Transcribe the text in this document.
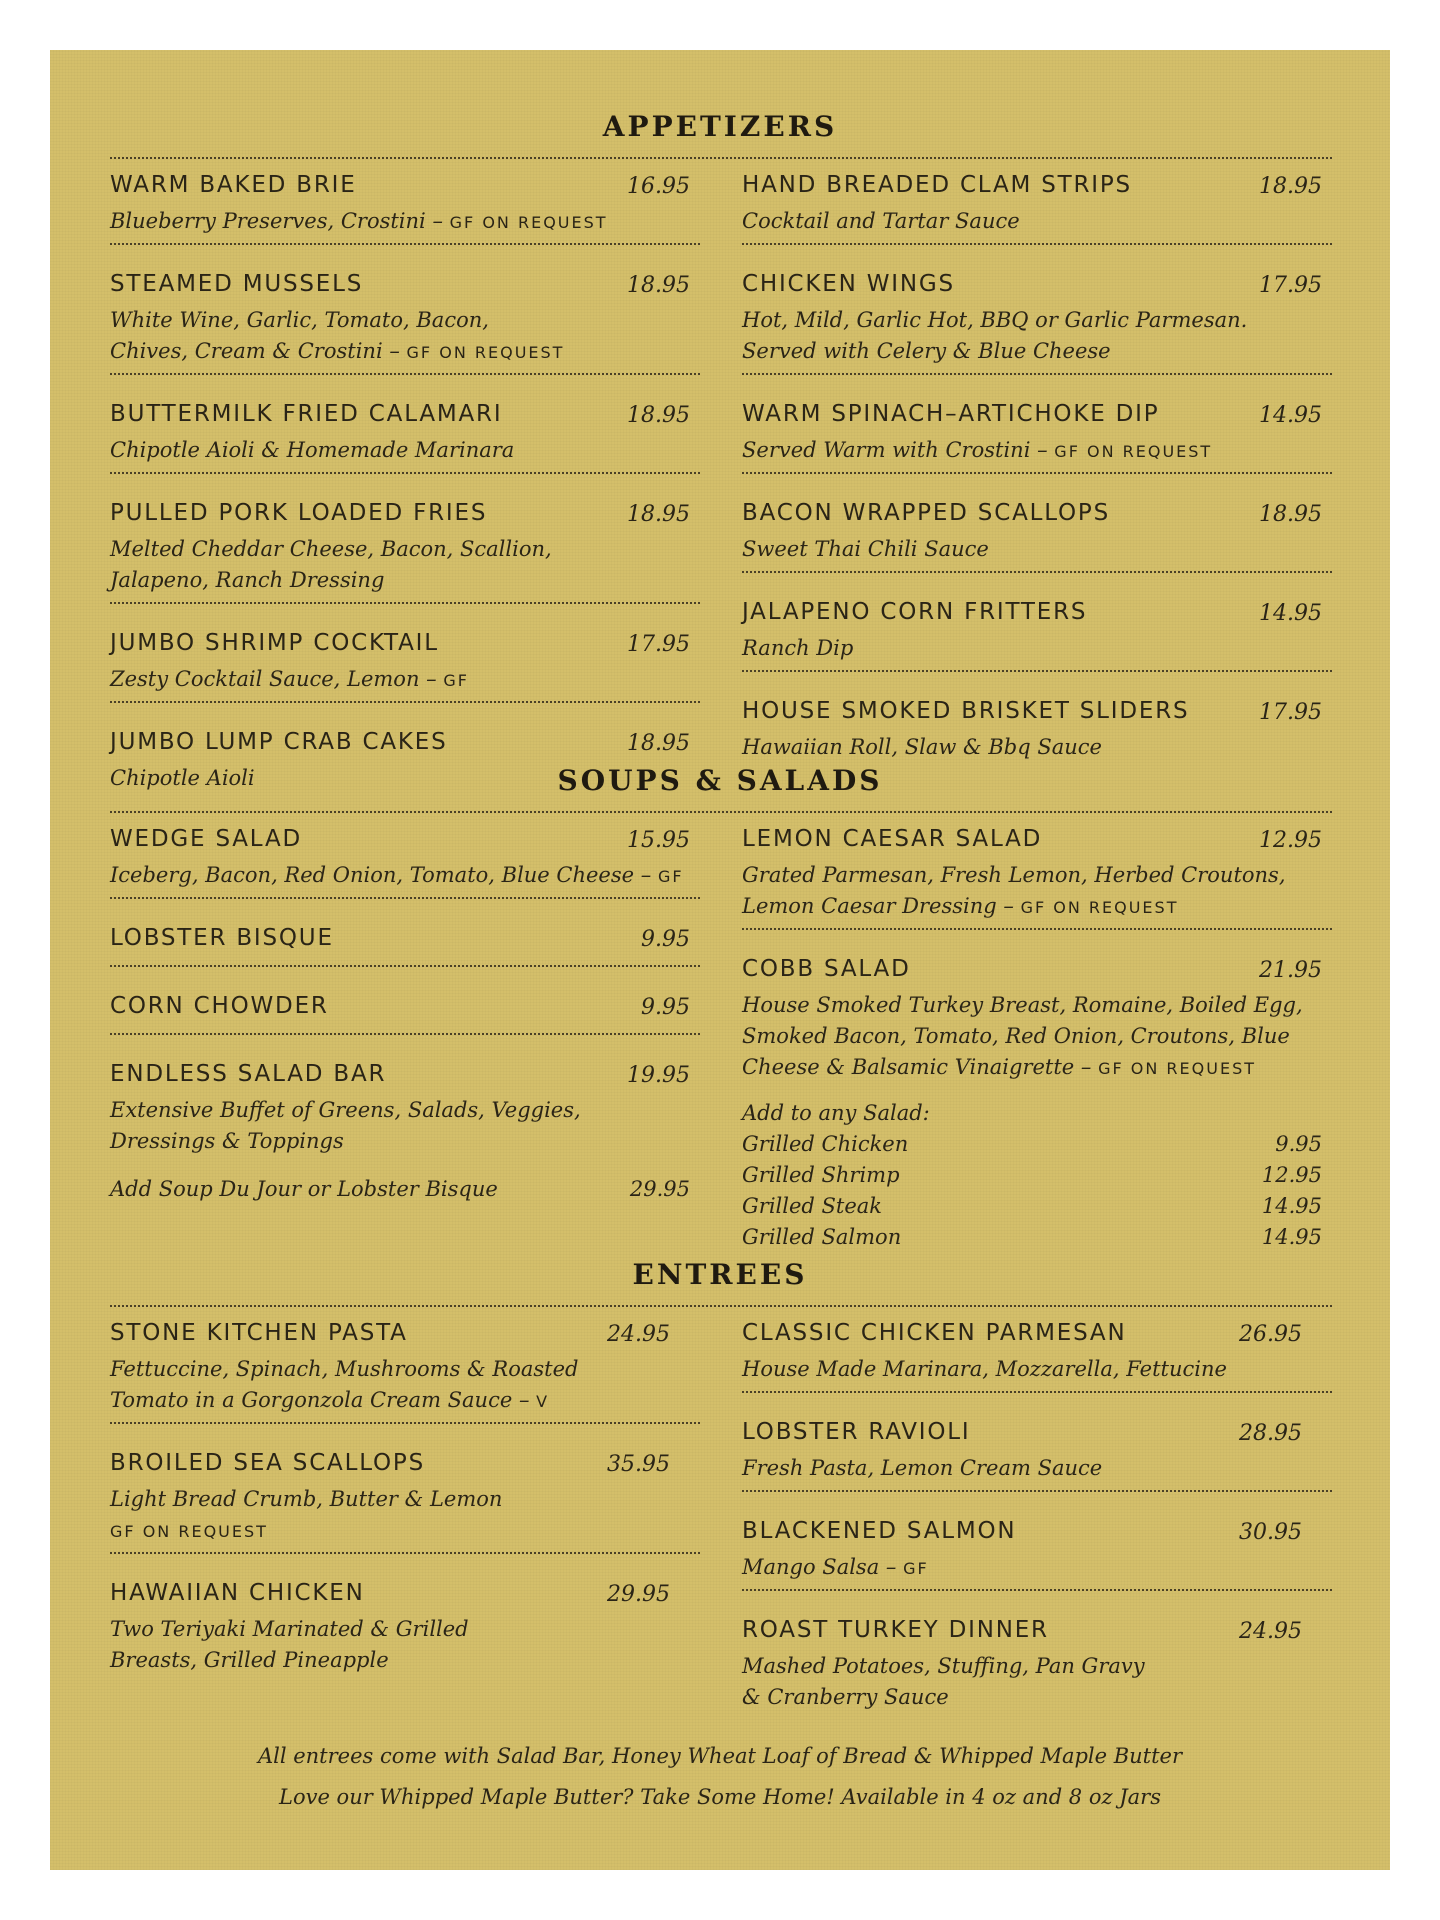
APPETIZERS
WARM BAKED BRIE	16.95
Blueberry Preserves, Crostini – GF ON REQUEST
STEAMED MUSSELS	18.95
White Wine, Garlic, Tomato, Bacon,
Chives, Cream & Crostini – GF ON REQUEST
BUTTERMILK FRIED CALAMARI	18.95
Chipotle Aioli & Homemade Marinara
PULLED PORK LOADED FRIES	18.95
Melted Cheddar Cheese, Bacon, Scallion,
Jalapeno, Ranch Dressing
JUMBO SHRIMP COCKTAIL	17.95
Zesty Cocktail Sauce, Lemon – GF
JUMBO LUMP CRAB CAKES	18.95
Chipotle Aioli
HAND BREADED CLAM STRIPS	18.95
Cocktail and Tartar Sauce
CHICKEN WINGS	17.95
Hot, Mild, Garlic Hot, BBQ or Garlic Parmesan.
Served with Celery & Blue Cheese
WARM SPINACH–ARTICHOKE DIP	14.95
Served Warm with Crostini – GF ON REQUEST
BACON WRAPPED SCALLOPS	18.95
Sweet Thai Chili Sauce
JALAPENO CORN FRITTERS	14.95
Ranch Dip
HOUSE SMOKED BRISKET SLIDERS	17.95
Hawaiian Roll, Slaw & Bbq Sauce
SOUPS & SALADS
WEDGE SALAD	15.95
Iceberg, Bacon, Red Onion, Tomato, Blue Cheese – GF
LOBSTER BISQUE	9.95
CORN CHOWDER	9.95
ENDLESS SALAD BAR	19.95
Extensive Buffet of Greens, Salads, Veggies,
Dressings & Toppings
Add Soup Du Jour or Lobster Bisque	29.95
LEMON CAESAR SALAD	12.95
Grated Parmesan, Fresh Lemon, Herbed Croutons,
Lemon Caesar Dressing – GF ON REQUEST
COBB SALAD	21.95
House Smoked Turkey Breast, Romaine, Boiled Egg,
Smoked Bacon, Tomato, Red Onion, Croutons, Blue
Cheese & Balsamic Vinaigrette – GF ON REQUEST
Add to any Salad:
Grilled Chicken	9.95
Grilled Shrimp	12.95
Grilled Steak	14.95
Grilled Salmon	14.95
ENTREES
STONE KITCHEN PASTA	24.95
Fettuccine, Spinach, Mushrooms & Roasted
Tomato in a Gorgonzola Cream Sauce – V
BROILED SEA SCALLOPS	35.95
Light Bread Crumb, Butter & Lemon
GF ON REQUEST
HAWAIIAN CHICKEN	29.95
Two Teriyaki Marinated & Grilled
Breasts, Grilled Pineapple
CLASSIC CHICKEN PARMESAN	26.95
House Made Marinara, Mozzarella, Fettucine
LOBSTER RAVIOLI	28.95
Fresh Pasta, Lemon Cream Sauce
BLACKENED SALMON	30.95
Mango Salsa – GF
ROAST TURKEY DINNER	24.95
Mashed Potatoes, Stuffing, Pan Gravy
& Cranberry Sauce
All entrees come with Salad Bar, Honey Wheat Loaf of Bread & Whipped Maple Butter
Love our Whipped Maple Butter? Take Some Home! Available in 4 oz and 8 oz Jars
